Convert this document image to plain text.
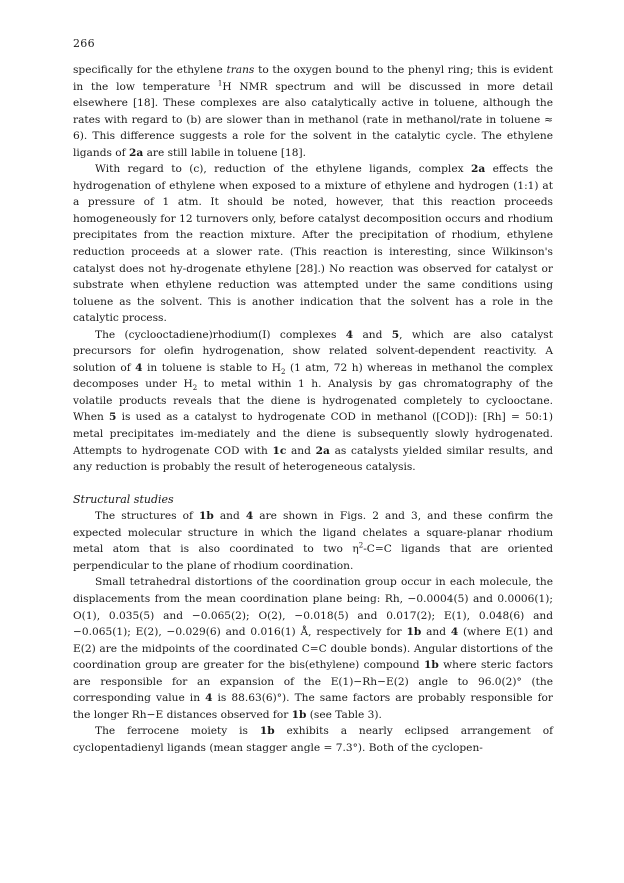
266

specifically for the ethylene trans to the oxygen bound to the phenyl ring; this is evident in the low temperature $^1$H NMR spectrum and will be discussed in more detail elsewhere [18]. These complexes are also catalytically active in toluene, although the rates with regard to (b) are slower than in methanol (rate in methanol/rate in toluene ≈ 6). This difference suggests a role for the solvent in the catalytic cycle. The ethylene ligands of 2a are still labile in toluene [18].

With regard to (c), reduction of the ethylene ligands, complex 2a effects the hydrogenation of ethylene when exposed to a mixture of ethylene and hydrogen (1:1) at a pressure of 1 atm. It should be noted, however, that this reaction proceeds homogeneously for 12 turnovers only, before catalyst decomposition occurs and rhodium precipitates from the reaction mixture. After the precipitation of rhodium, ethylene reduction proceeds at a slower rate. (This reaction is interesting, since Wilkinson's catalyst does not hy-drogenate ethylene [28].) No reaction was observed for catalyst or substrate when ethylene reduction was attempted under the same conditions using toluene as the solvent. This is another indication that the solvent has a role in the catalytic process.

The (cyclooctadiene)rhodium(I) complexes 4 and 5, which are also catalyst precursors for olefin hydrogenation, show related solvent-dependent reactivity. A solution of 4 in toluene is stable to $H_2$ (1 atm, 72 h) whereas in methanol the complex decomposes under $H_2$ to metal within 1 h. Analysis by gas chromatography of the volatile products reveals that the diene is hydrogenated completely to cyclooctane. When 5 is used as a catalyst to hydrogenate COD in methanol ([COD]): [Rh] = 50:1) metal precipitates im-mediately and the diene is subsequently slowly hydrogenated. Attempts to hydrogenate COD with 1c and 2a as catalysts yielded similar results, and any reduction is probably the result of heterogeneous catalysis.

Structural studies

The structures of 1b and 4 are shown in Figs. 2 and 3, and these confirm the expected molecular structure in which the ligand chelates a square-planar rhodium metal atom that is also coordinated to two $\eta^2-C=C$ ligands that are oriented perpendicular to the plane of rhodium coordination.

Small tetrahedral distortions of the coordination group occur in each molecule, the displacements from the mean coordination plane being: Rh, −0.0004(5) and 0.0006(1); O(1), 0.035(5) and −0.065(2); O(2), −0.018(5) and 0.017(2); E(1), 0.048(6) and −0.065(1); E(2), −0.029(6) and 0.016(1) Å, respectively for 1b and 4 (where E(1) and E(2) are the midpoints of the coordinated C=C double bonds). Angular distortions of the coordination group are greater for the bis(ethylene) compound 1b where steric factors are responsible for an expansion of the E(1)−Rh−E(2) angle to 96.0(2)° (the corresponding value in 4 is 88.63(6)°). The same factors are probably responsible for the longer Rh−E distances observed for 1b (see Table 3).

The ferrocene moiety is 1b exhibits a nearly eclipsed arrangement of cyclopentadienyl ligands (mean stagger angle = 7.3°). Both of the cyclopen-
